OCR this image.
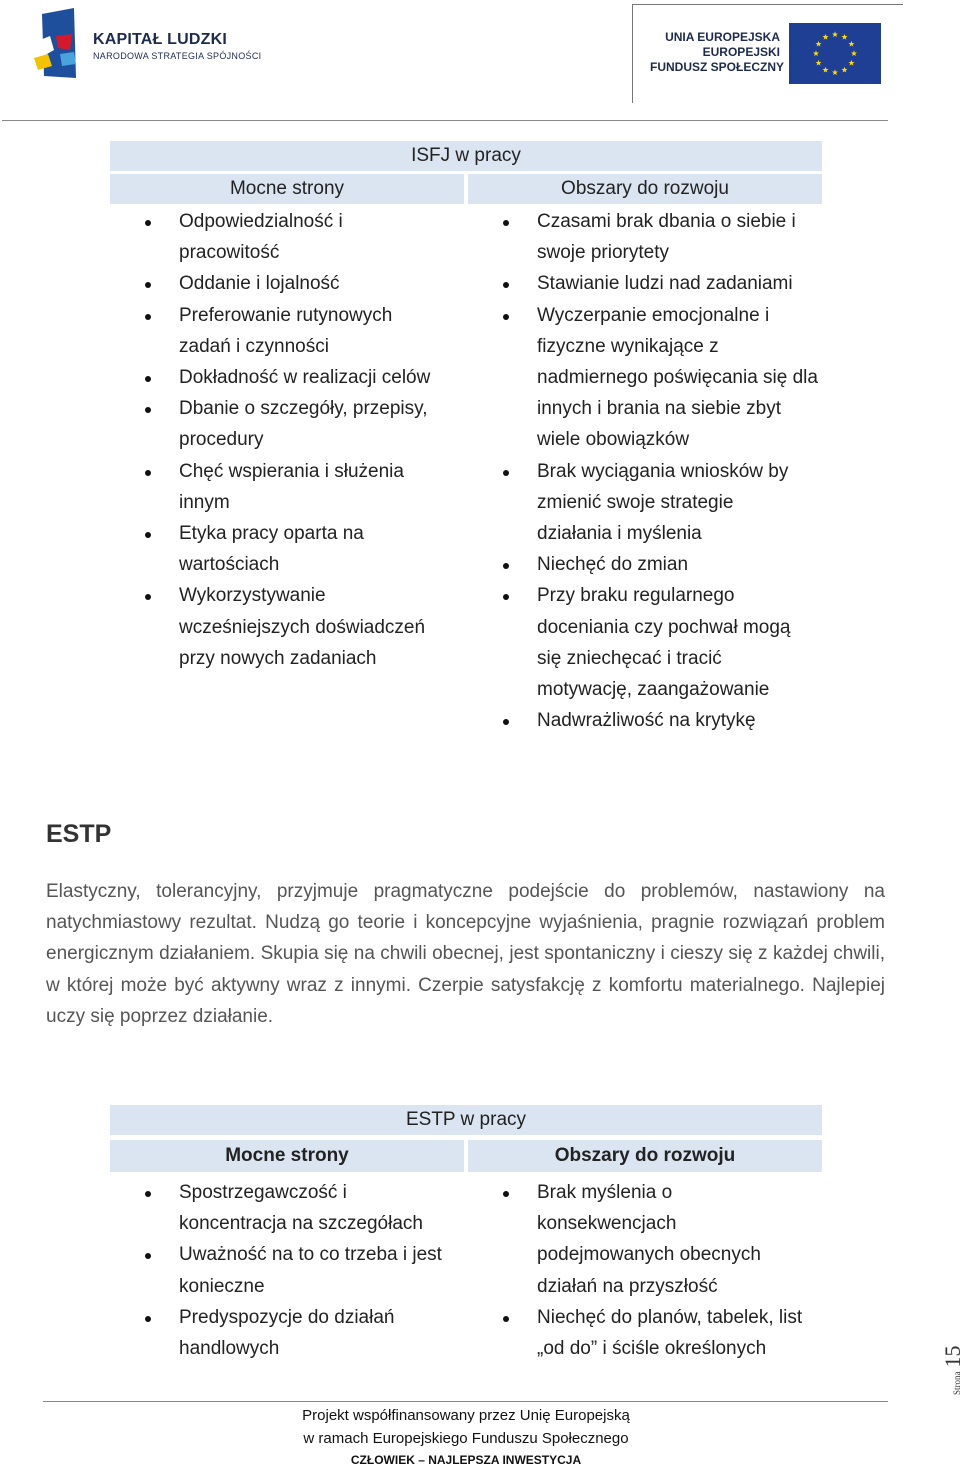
KAPITAŁ LUDZKI
NARODOWA STRATEGIA SPÓJNOŚCI
UNIA EUROPEJSKA
EUROPEJSKI
FUNDUSZ SPOŁECZNY
ISFJ w pracy
Mocne strony	Obszary do rozwoju
Odpowiedzialność i pracowitość
Oddanie i lojalność
Preferowanie rutynowych zadań i czynności
Dokładność w realizacji celów
Dbanie o szczegóły, przepisy, procedury
Chęć wspierania i służenia innym
Etyka pracy oparta na wartościach
Wykorzystywanie wcześniejszych doświadczeń przy nowych zadaniach
Czasami brak dbania o siebie i swoje priorytety
Stawianie ludzi nad zadaniami
Wyczerpanie emocjonalne i fizyczne wynikające z nadmiernego poświęcania się dla innych i brania na siebie zbyt wiele obowiązków
Brak wyciągania wniosków by zmienić swoje strategie działania i myślenia
Niechęć do zmian
Przy braku regularnego doceniania czy pochwał mogą się zniechęcać i tracić motywację, zaangażowanie
Nadwrażliwość na krytykę
ESTP
Elastyczny, tolerancyjny, przyjmuje pragmatyczne podejście do problemów, nastawiony na natychmiastowy rezultat. Nudzą go teorie i koncepcyjne wyjaśnienia, pragnie rozwiązań problem energicznym działaniem. Skupia się na chwili obecnej, jest spontaniczny i cieszy się z każdej chwili, w której może być aktywny wraz z innymi. Czerpie satysfakcję z komfortu materialnego. Najlepiej uczy się poprzez działanie.
ESTP w pracy
Mocne strony	Obszary do rozwoju
Spostrzegawczość i koncentracja na szczegółach
Uważność na to co trzeba i jest konieczne
Predyspozycje do działań handlowych
Brak myślenia o konsekwencjach podejmowanych obecnych działań na przyszłość
Niechęć do planów, tabelek, list „od do” i ściśle określonych
Strona 15
Projekt współfinansowany przez Unię Europejską
w ramach Europejskiego Funduszu Społecznego
CZŁOWIEK – NAJLEPSZA INWESTYCJA
